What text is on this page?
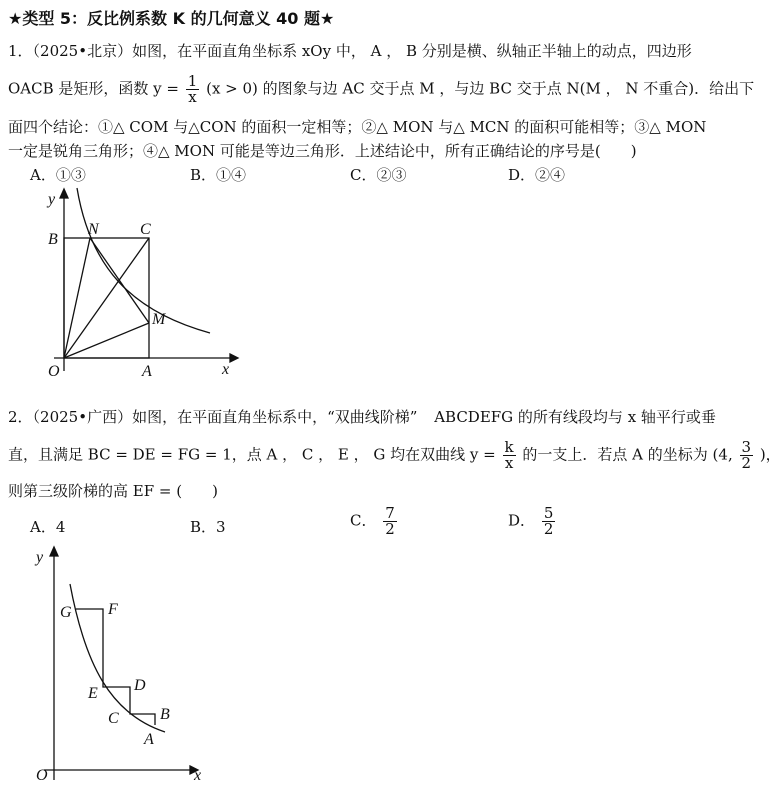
★类型 5：反比例系数 K 的几何意义 40 题★
1．（2025•北京）如图，在平面直角坐标系 xOy 中， A ， B 分别是横、纵轴正半轴上的动点，四边形
OACB 是矩形，函数 $y = \frac{1}{x} (x > 0)$ 的图象与边 AC 交于点 M ，与边 BC 交于点 N(M ， N 不重合)．给出下
面四个结论：①△ COM 与△CON 的面积一定相等；②△ MON 与△ MCN 的面积可能相等；③△ MON
一定是锐角三角形；④△ MON 可能是等边三角形．上述结论中，所有正确结论的序号是(　　)
A．①③	B．①④	C．②③	D．②④
y
x
O	A
B
C
N
M
2．（2025•广西）如图，在平面直角坐标系中，“双曲线阶梯” ABCDEFG 的所有线段均与 x 轴平行或垂
直，且满足 BC = DE = FG = 1，点 A ， C ， E ， G 均在双曲线 $y = \frac{k}{x}$ 的一支上．若点 A 的坐标为 (4, $\frac{3}{2}$ )，
则第三级阶梯的高 EF = (　　)
A．4	B．3	C． $\frac{7}{2}$	D． $\frac{5}{2}$
y
x
O
G F
E D
C	B
A
